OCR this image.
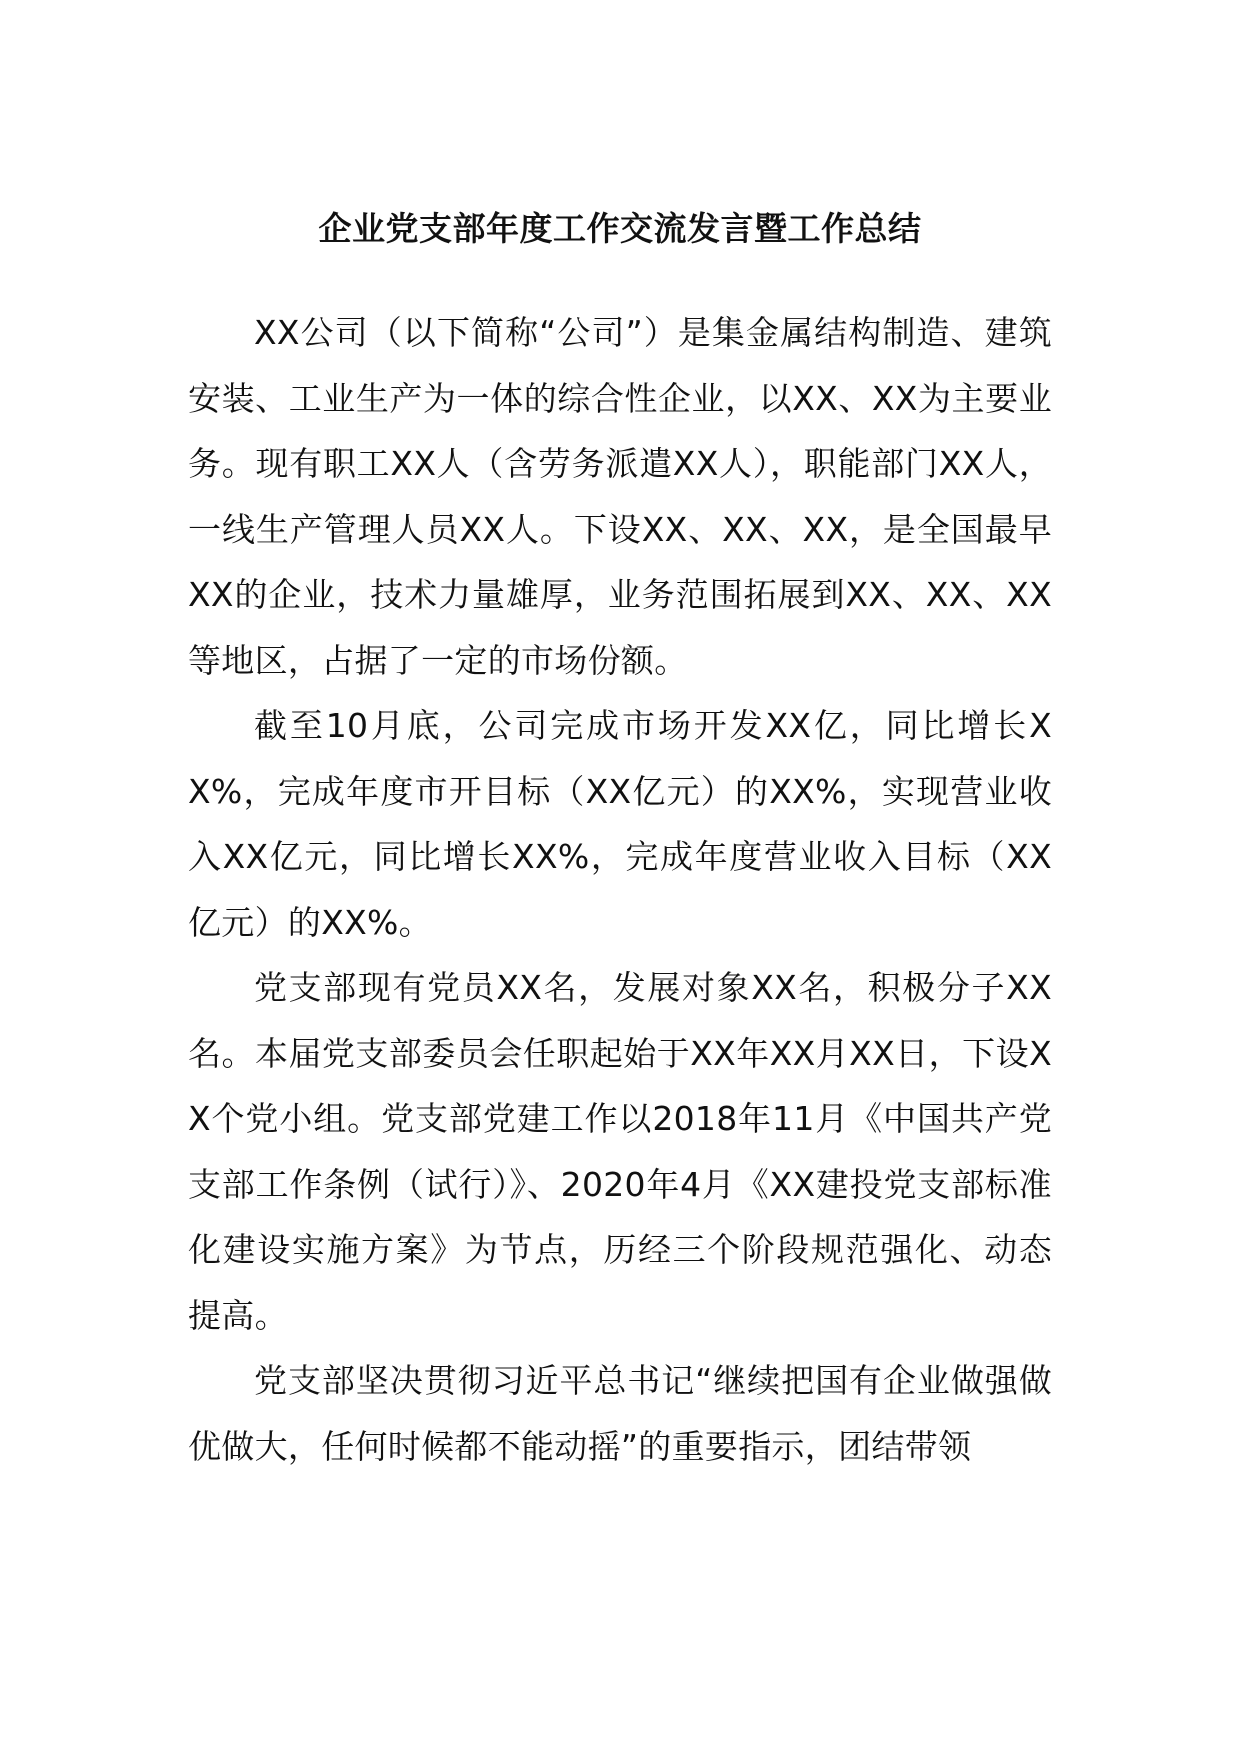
企业党支部年度工作交流发言暨工作总结

XX公司（以下简称“公司”）是集金属结构制造、建筑安装、工业生产为一体的综合性企业，以XX、XX为主要业务。现有职工XX人（含劳务派遣XX人），职能部门XX人，一线生产管理人员XX人。下设XX、XX、XX，是全国最早XX的企业，技术力量雄厚，业务范围拓展到XX、XX、XX等地区，占据了一定的市场份额。

截至10月底，公司完成市场开发XX亿，同比增长XX%，完成年度市开目标（XX亿元）的XX%，实现营业收入XX亿元，同比增长XX%，完成年度营业收入目标（XX亿元）的XX%。

党支部现有党员XX名，发展对象XX名，积极分子XX名。本届党支部委员会任职起始于XX年XX月XX日，下设XX个党小组。党支部党建工作以2018年11月《中国共产党支部工作条例（试行）》、2020年4月《XX建投党支部标准化建设实施方案》为节点，历经三个阶段规范强化、动态提高。

党支部坚决贯彻习近平总书记“继续把国有企业做强做优做大，任何时候都不能动摇”的重要指示，团结带领
